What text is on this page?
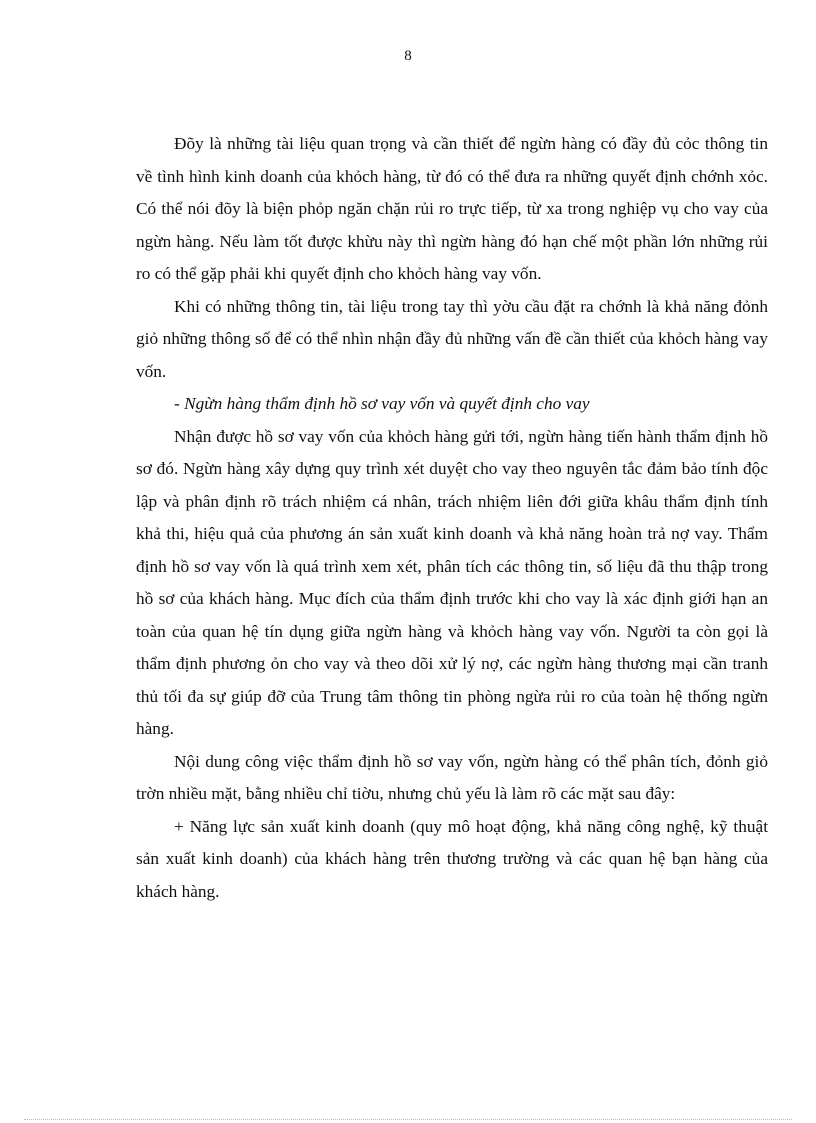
8

Đõy là những tài liệu quan trọng và cần thiết để ngừn hàng có đầy đủ cỏc thông tin về tình hình kinh doanh của khỏch hàng, từ đó có thể đưa ra những quyết định chớnh xỏc. Có thể nói đõy là biện phỏp ngăn chặn rủi ro trực tiếp, từ xa trong nghiệp vụ cho vay của ngừn hàng. Nếu làm tốt được khừu này thì ngừn hàng đó hạn chế một phần lớn những rủi ro có thể gặp phải khi quyết định cho khỏch hàng vay vốn.

Khi có những thông tin, tài liệu trong tay thì yờu cầu đặt ra chớnh là khả năng đỏnh giỏ những thông số để có thể nhìn nhận đầy đủ những vấn đề cần thiết của khỏch hàng vay vốn.

- Ngừn hàng thẩm định hồ sơ vay vốn và quyết định cho vay

Nhận được hồ sơ vay vốn của khỏch hàng gửi tới, ngừn hàng tiến hành thẩm định hồ sơ đó. Ngừn hàng xây dựng quy trình xét duyệt cho vay theo nguyên tắc đảm bảo tính độc lập và phân định rõ trách nhiệm cá nhân, trách nhiệm liên đới giữa khâu thẩm định tính khả thi, hiệu quả của phương án sản xuất kinh doanh và khả năng hoàn trả nợ vay. Thẩm định hồ sơ vay vốn là quá trình xem xét, phân tích các thông tin, số liệu đã thu thập trong hồ sơ của khách hàng. Mục đích của thẩm định trước khi cho vay là xác định giới hạn an toàn của quan hệ tín dụng giữa ngừn hàng và khỏch hàng vay vốn. Người ta còn gọi là thẩm định phương ỏn cho vay và theo dõi xử lý nợ, các ngừn hàng thương mại cần tranh thủ tối đa sự giúp đỡ của Trung tâm thông tin phòng ngừa rủi ro của toàn hệ thống ngừn hàng.

Nội dung công việc thẩm định hồ sơ vay vốn, ngừn hàng có thể phân tích, đỏnh giỏ trờn nhiều mặt, bằng nhiều chỉ tiờu, nhưng chủ yếu là làm rõ các mặt sau đây:

+ Năng lực sản xuất kinh doanh (quy mô hoạt động, khả năng công nghệ, kỹ thuật sản xuất kinh doanh) của khách hàng trên thương trường và các quan hệ bạn hàng của khách hàng.
